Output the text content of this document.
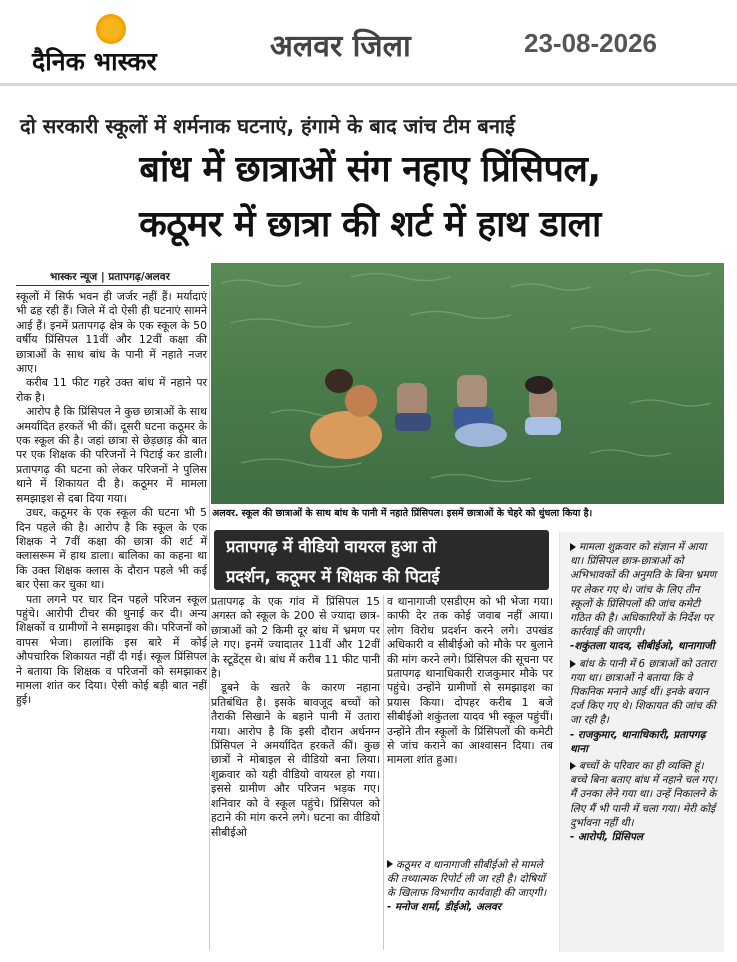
दैनिक भास्कर	अलवर जिला	23-08-2026
दो सरकारी स्कूलों में शर्मनाक घटनाएं, हंगामे के बाद जांच टीम बनाई
बांध में छात्राओं संग नहाए प्रिंसिपल,
कठूमर में छात्रा की शर्ट में हाथ डाला
भास्कर न्यूज | प्रतापगढ़/अलवर
अलवर. स्कूल की छात्राओं के साथ बांध के पानी में नहाते प्रिंसिपल। इसमें छात्राओं के चेहरे को धुंधला किया है।
प्रतापगढ़ में वीडियो वायरल हुआ तो
प्रदर्शन, कठूमर में शिक्षक की पिटाई

स्कूलों में सिर्फ भवन ही जर्जर नहीं हैं। मर्यादाएं भी ढह रही हैं। जिले में दो ऐसी ही घटनाएं सामने आई हैं। इनमें प्रतापगढ़ क्षेत्र के एक स्कूल के 50 वर्षीय प्रिंसिपल 11वीं और 12वीं कक्षा की छात्राओं के साथ बांध के पानी में नहाते नजर आए।

करीब 11 फीट गहरे उक्त बांध में नहाने पर रोक है।

आरोप है कि प्रिंसिपल ने कुछ छात्राओं के साथ अमर्यादित हरकतें भी कीं। दूसरी घटना कठूमर के एक स्कूल की है। जहां छात्रा से छेड़छाड़ की बात पर एक शिक्षक की परिजनों ने पिटाई कर डाली। प्रतापगढ़ की घटना को लेकर परिजनों ने पुलिस थाने में शिकायत दी है। कठूमर में मामला समझाइश से दबा दिया गया।

उधर, कठूमर के एक स्कूल की घटना भी 5 दिन पहले की है। आरोप है कि स्कूल के एक शिक्षक ने 7वीं कक्षा की छात्रा की शर्ट में क्लासरूम में हाथ डाला। बालिका का कहना था कि उक्त शिक्षक क्लास के दौरान पहले भी कई बार ऐसा कर चुका था।

पता लगने पर चार दिन पहले परिजन स्कूल पहुंचे। आरोपी टीचर की धुनाई कर दी। अन्य शिक्षकों व ग्रामीणों ने समझाइश की। परिजनों को वापस भेजा। हालांकि इस बारे में कोई औपचारिक शिकायत नहीं दी गई। स्कूल प्रिंसिपल ने बताया कि शिक्षक व परिजनों को समझाकर मामला शांत कर दिया। ऐसी कोई बड़ी बात नहीं हुई।

प्रतापगढ़ के एक गांव में प्रिंसिपल 15 अगस्त को स्कूल के 200 से ज्यादा छात्र-छात्राओं को 2 किमी दूर बांध में भ्रमण पर ले गए। इनमें ज्यादातर 11वीं और 12वीं के स्टूडेंट्स थे। बांध में करीब 11 फीट पानी है।

डूबने के खतरे के कारण नहाना प्रतिबंधित है। इसके बावजूद बच्चों को तैराकी सिखाने के बहाने पानी में उतारा गया। आरोप है कि इसी दौरान अर्धनग्न प्रिंसिपल ने अमर्यादित हरकतें कीं। कुछ छात्रों ने मोबाइल से वीडियो बना लिया। शुक्रवार को यही वीडियो वायरल हो गया। इससे ग्रामीण और परिजन भड़क गए। शनिवार को वे स्कूल पहुंचे। प्रिंसिपल को हटाने की मांग करने लगे। घटना का वीडियो सीबीईओ

व थानागाजी एसडीएम को भी भेजा गया। काफी देर तक कोई जवाब नहीं आया। लोग विरोध प्रदर्शन करने लगे। उपखंड अधिकारी व सीबीईओ को मौके पर बुलाने की मांग करने लगे। प्रिंसिपल की सूचना पर प्रतापगढ़ थानाधिकारी राजकुमार मौके पर पहुंचे। उन्होंने ग्रामीणों से समझाइश का प्रयास किया। दोपहर करीब 1 बजे सीबीईओ शकुंतला यादव भी स्कूल पहुंचीं। उन्होंने तीन स्कूलों के प्रिंसिपलों की कमेटी से जांच कराने का आश्वासन दिया। तब मामला शांत हुआ।

कठूमर व थानागाजी सीबीईओ से मामले की तथ्यात्मक रिपोर्ट ली जा रही है। दोषियों के खिलाफ विभागीय कार्यवाही की जाएगी।
- मनोज शर्मा, डीईओ, अलवर
मामला शुक्रवार को संज्ञान में आया था। प्रिंसिपल छात्र-छात्राओं को अभिभावकों की अनुमति के बिना भ्रमण पर लेकर गए थे। जांच के लिए तीन स्कूलों के प्रिंसिपलों की जांच कमेटी गठित की है। अधिकारियों के निर्देश पर कार्रवाई की जाएगी।
-शकुंतला यादव, सीबीईओ, थानागाजी
बांध के पानी में 6 छात्राओं को उतारा गया था। छात्राओं ने बताया कि वे पिकनिक मनाने आई थीं। इनके बयान दर्ज किए गए थे। शिकायत की जांच की जा रही है।
- राजकुमार, थानाधिकारी, प्रतापगढ़ थाना
बच्चों के परिवार का ही व्यक्ति हूं। बच्चे बिना बताए बांध में नहाने चल गए। मैं उनका लेने गया था। उन्हें निकालने के लिए मैं भी पानी में चला गया। मेरी कोई दुर्भावना नहीं थी।
- आरोपी, प्रिंसिपल
